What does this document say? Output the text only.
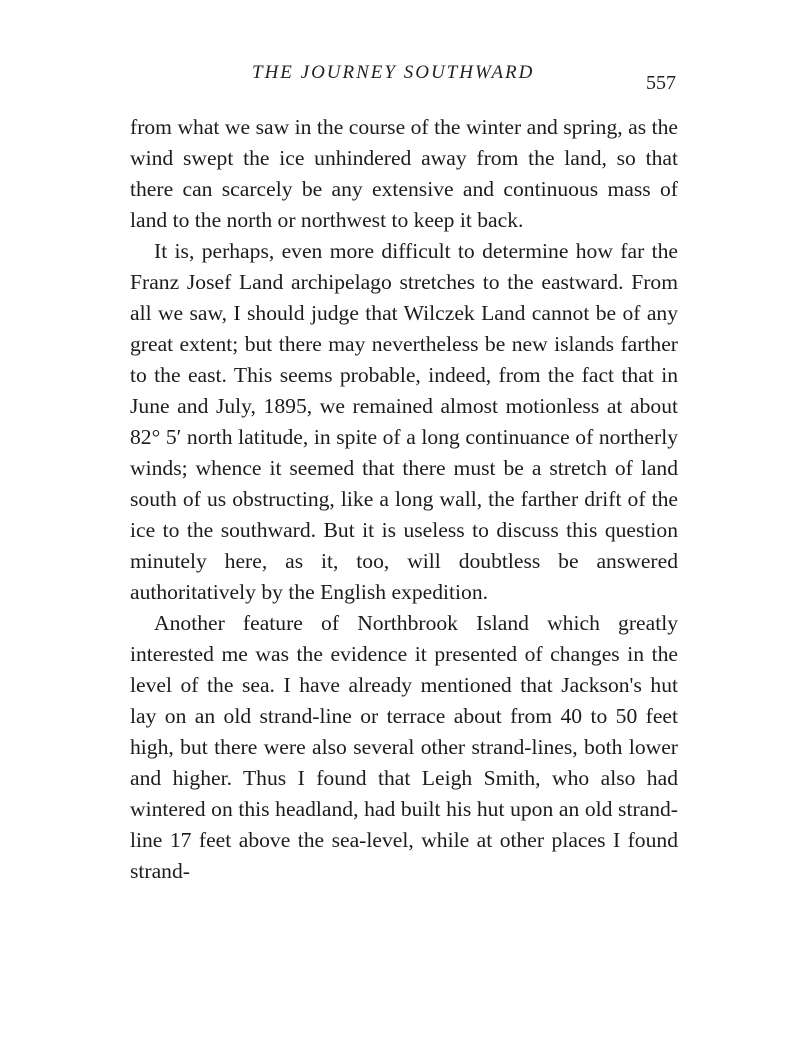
THE JOURNEY SOUTHWARD	557

from what we saw in the course of the winter and spring, as the wind swept the ice unhindered away from the land, so that there can scarcely be any extensive and continuous mass of land to the north or northwest to keep it back.

It is, perhaps, even more difficult to determine how far the Franz Josef Land archipelago stretches to the eastward. From all we saw, I should judge that Wilczek Land cannot be of any great extent; but there may nevertheless be new islands farther to the east. This seems probable, indeed, from the fact that in June and July, 1895, we remained almost motionless at about 82° 5′ north latitude, in spite of a long continuance of northerly winds; whence it seemed that there must be a stretch of land south of us obstructing, like a long wall, the farther drift of the ice to the southward. But it is useless to discuss this question minutely here, as it, too, will doubtless be answered authoritatively by the English expedition.

Another feature of Northbrook Island which greatly interested me was the evidence it presented of changes in the level of the sea. I have already mentioned that Jackson's hut lay on an old strand-line or terrace about from 40 to 50 feet high, but there were also several other strand-lines, both lower and higher. Thus I found that Leigh Smith, who also had wintered on this headland, had built his hut upon an old strand-line 17 feet above the sea-level, while at other places I found strand-
